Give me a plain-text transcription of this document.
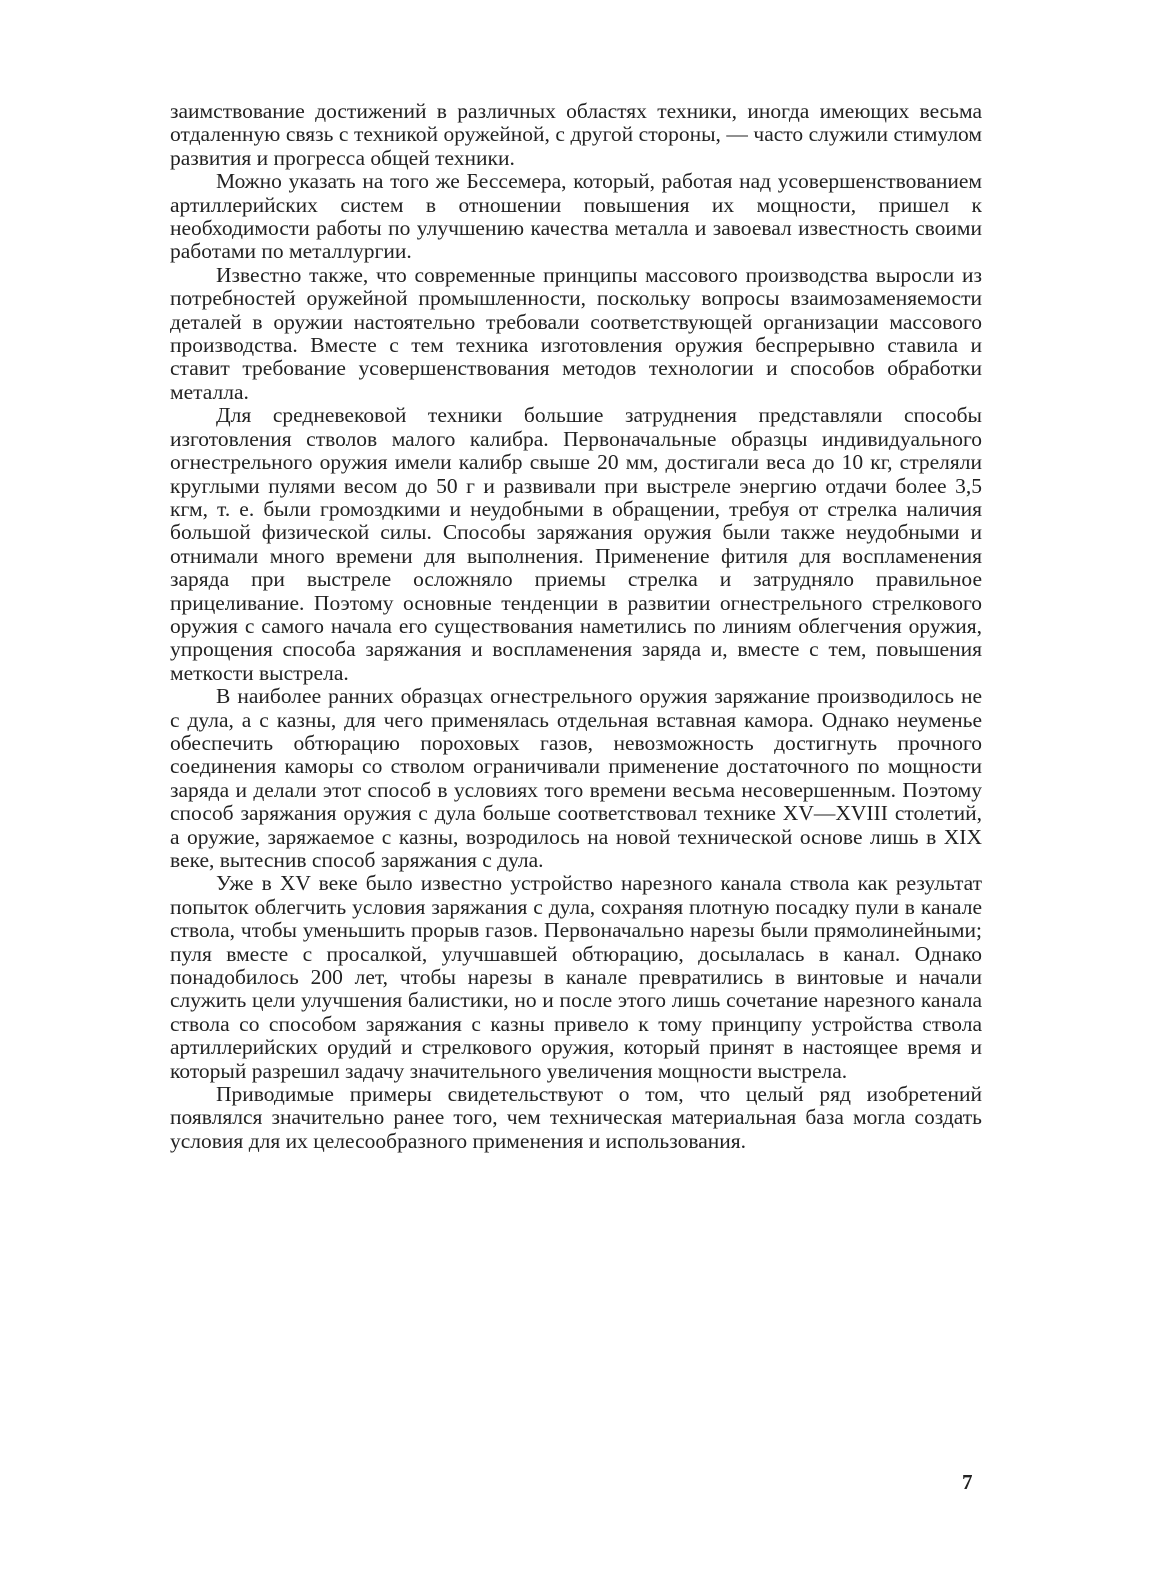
заимствование достижений в различных областях техники, иногда имеющих весьма отдаленную связь с техникой оружейной, с другой стороны, — часто служили стимулом развития и прогресса общей техники.

Можно указать на того же Бессемера, который, работая над усовершенствованием артиллерийских систем в отношении повышения их мощности, пришел к необходимости работы по улучшению качества металла и завоевал известность своими работами по металлургии.

Известно также, что современные принципы массового производства выросли из потребностей оружейной промышленности, поскольку вопросы взаимозаменяемости деталей в оружии настоятельно требовали соответствующей организации массового производства. Вместе с тем техника изготовления оружия беспрерывно ставила и ставит требование усовершенствования методов технологии и способов обработки металла.

Для средневековой техники большие затруднения представляли способы изготовления стволов малого калибра. Первоначальные образцы индивидуального огнестрельного оружия имели калибр свыше 20 мм, достигали веса до 10 кг, стреляли круглыми пулями весом до 50 г и развивали при выстреле энергию отдачи более 3,5 кгм, т. е. были громоздкими и неудобными в обращении, требуя от стрелка наличия большой физической силы. Способы заряжания оружия были также неудобными и отнимали много времени для выполнения. Применение фитиля для воспламенения заряда при выстреле осложняло приемы стрелка и затрудняло правильное прицеливание. Поэтому основные тенденции в развитии огнестрельного стрелкового оружия с самого начала его существования наметились по линиям облегчения оружия, упрощения способа заряжания и воспламенения заряда и, вместе с тем, повышения меткости выстрела.

В наиболее ранних образцах огнестрельного оружия заряжание производилось не с дула, а с казны, для чего применялась отдельная вставная камора. Однако неуменье обеспечить обтюрацию пороховых газов, невозможность достигнуть прочного соединения каморы со стволом ограничивали применение достаточного по мощности заряда и делали этот способ в условиях того времени весьма несовершенным. Поэтому способ заряжания оружия с дула больше соответствовал технике XV—XVIII столетий, а оружие, заряжаемое с казны, возродилось на новой технической основе лишь в XIX веке, вытеснив способ заряжания с дула.

Уже в XV веке было известно устройство нарезного канала ствола как результат попыток облегчить условия заряжания с дула, сохраняя плотную посадку пули в канале ствола, чтобы уменьшить прорыв газов. Первоначально нарезы были прямолинейными; пуля вместе с просалкой, улучшавшей обтюрацию, досылалась в канал. Однако понадобилось 200 лет, чтобы нарезы в канале превратились в винтовые и начали служить цели улучшения балистики, но и после этого лишь сочетание нарезного канала ствола со способом заряжания с казны привело к тому принципу устройства ствола артиллерийских орудий и стрелкового оружия, который принят в настоящее время и который разрешил задачу значительного увеличения мощности выстрела.

Приводимые примеры свидетельствуют о том, что целый ряд изобретений появлялся значительно ранее того, чем техническая материальная база могла создать условия для их целесообразного применения и использования.

7
